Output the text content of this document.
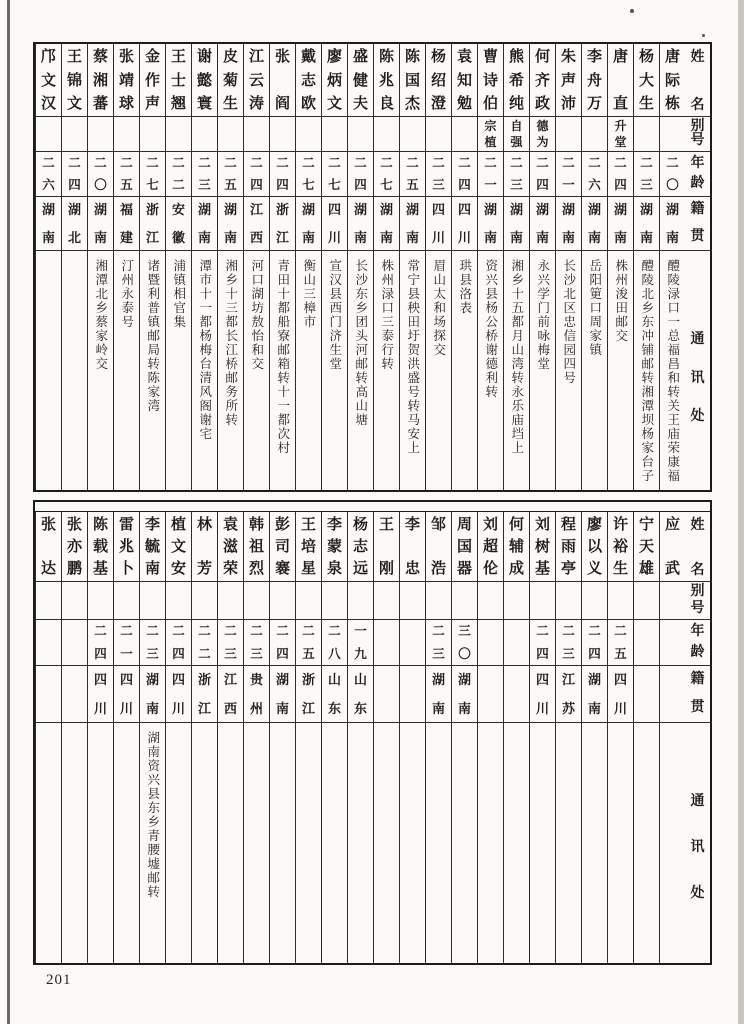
姓
名
别
号
年
龄
籍
贯
通
讯
处
唐
际
栋
二
〇
湖
南
醴陵渌口一总福昌和转关王庙荣康福
杨
大
生
二
三
湖
南
醴陵北乡东冲铺邮转湘潭坝杨家台子
唐
直
升
堂
二
四
湖
南
株州浚田邮交
李
舟
万
二
六
湖
南
岳阳筻口周家镇
朱
声
沛
二
一
湖
南
长沙北区忠信园四号
何
齐
政
德
为
二
四
湖
南
永兴学门前咏梅堂
熊
希
纯
自
强
二
三
湖
南
湘乡十五都月山湾转永乐庙垱上
曹
诗
伯
宗
植
二
一
湖
南
资兴县杨公桥谢德利转
袁
知
勉
二
四
四
川
珙县洛表
杨
绍
澄
二
三
四
川
眉山太和场探交
陈
国
杰
二
五
湖
南
常宁县秧田圩贺洪盛号转马安上
陈
兆
良
二
七
湖
南
株州渌口三泰行转
盛
健
夫
二
四
湖
南
长沙东乡团头河邮转高山塘
廖
炳
文
二
七
四
川
宣汉县西门济生堂
戴
志
欧
二
七
湖
南
衡山三樟市
张
阎
二
四
浙
江
青田十都船寮邮箱转十一都次村
江
云
涛
二
四
江
西
河口湖坊敖怡和交
皮
菊
生
二
五
湖
南
湘乡十三都长江桥邮务所转
谢
懿
寰
二
三
湖
南
潭市十一都杨梅台清风阁谢宅
王
士
翘
二
二
安
徽
浦镇相官集
金
作
声
二
七
浙
江
诸暨利普镇邮局转陈家湾
张
靖
球
二
五
福
建
汀州永泰号
蔡
湘
蕃
二
〇
湖
南
湘潭北乡蔡家岭交
王
锦
文
二
四
湖
北
邝
文
汉
二
六
湖
南
姓
名
别
号
年
龄
籍
贯
通
讯
处
应
武
宁
天
雄
许
裕
生
二
五
四
川
廖
以
义
二
四
湖
南
程
雨
亭
二
三
江
苏
刘
树
基
二
四
四
川
何
辅
成
刘
超
伦
周
国
器
三
〇
湖
南
邹
浩
二
三
湖
南
李
忠
王
刚
杨
志
远
一
九
山
东
李
蒙
泉
二
八
山
东
王
培
星
二
五
浙
江
彭
司
褰
二
四
湖
南
韩
祖
烈
二
三
贵
州
袁
滋
荣
二
三
江
西
林
芳
二
二
浙
江
植
文
安
二
四
四
川
李
毓
南
二
三
湖
南
湖南资兴县东乡青腰墟邮转
雷
兆
卜
二
一
四
川
陈
载
基
二
四
四
川
张
亦
鹏
张
达
201
